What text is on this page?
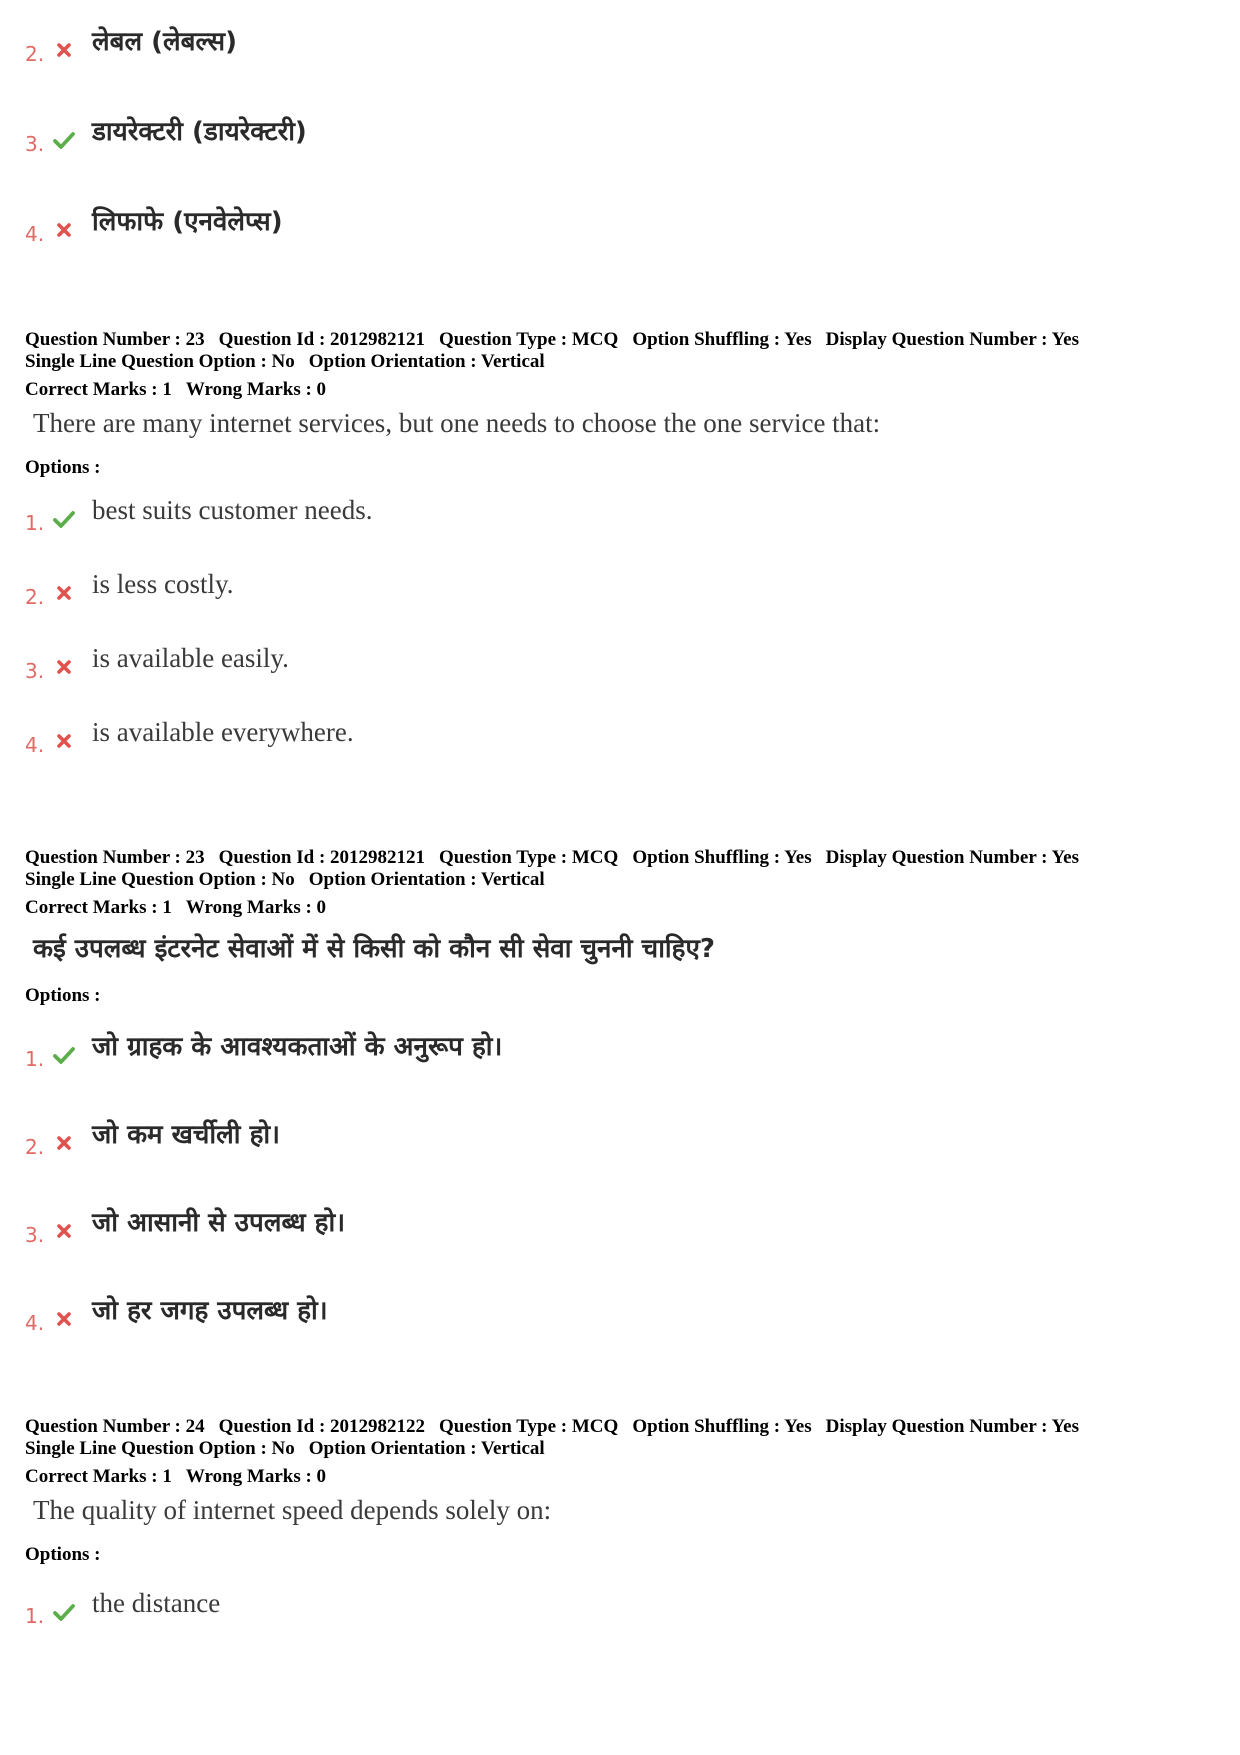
2. लेबल (लेबल्स)
3. डायरेक्टरी (डायरेक्टरी)
4. लिफाफे (एनवेलेप्स)
Question Number : 23 Question Id : 2012982121 Question Type : MCQ Option Shuffling : Yes Display Question Number : Yes
Single Line Question Option : No Option Orientation : Vertical
Correct Marks : 1 Wrong Marks : 0
There are many internet services, but one needs to choose the one service that:
Options :
1. best suits customer needs.
2. is less costly.
3. is available easily.
4. is available everywhere.
Question Number : 23 Question Id : 2012982121 Question Type : MCQ Option Shuffling : Yes Display Question Number : Yes
Single Line Question Option : No Option Orientation : Vertical
Correct Marks : 1 Wrong Marks : 0
कई उपलब्ध इंटरनेट सेवाओं में से किसी को कौन सी सेवा चुननी चाहिए?
Options :
1. जो ग्राहक के आवश्यकताओं के अनुरूप हो।
2. जो कम खर्चीली हो।
3. जो आसानी से उपलब्ध हो।
4. जो हर जगह उपलब्ध हो।
Question Number : 24 Question Id : 2012982122 Question Type : MCQ Option Shuffling : Yes Display Question Number : Yes
Single Line Question Option : No Option Orientation : Vertical
Correct Marks : 1 Wrong Marks : 0
The quality of internet speed depends solely on:
Options :
1. the distance
